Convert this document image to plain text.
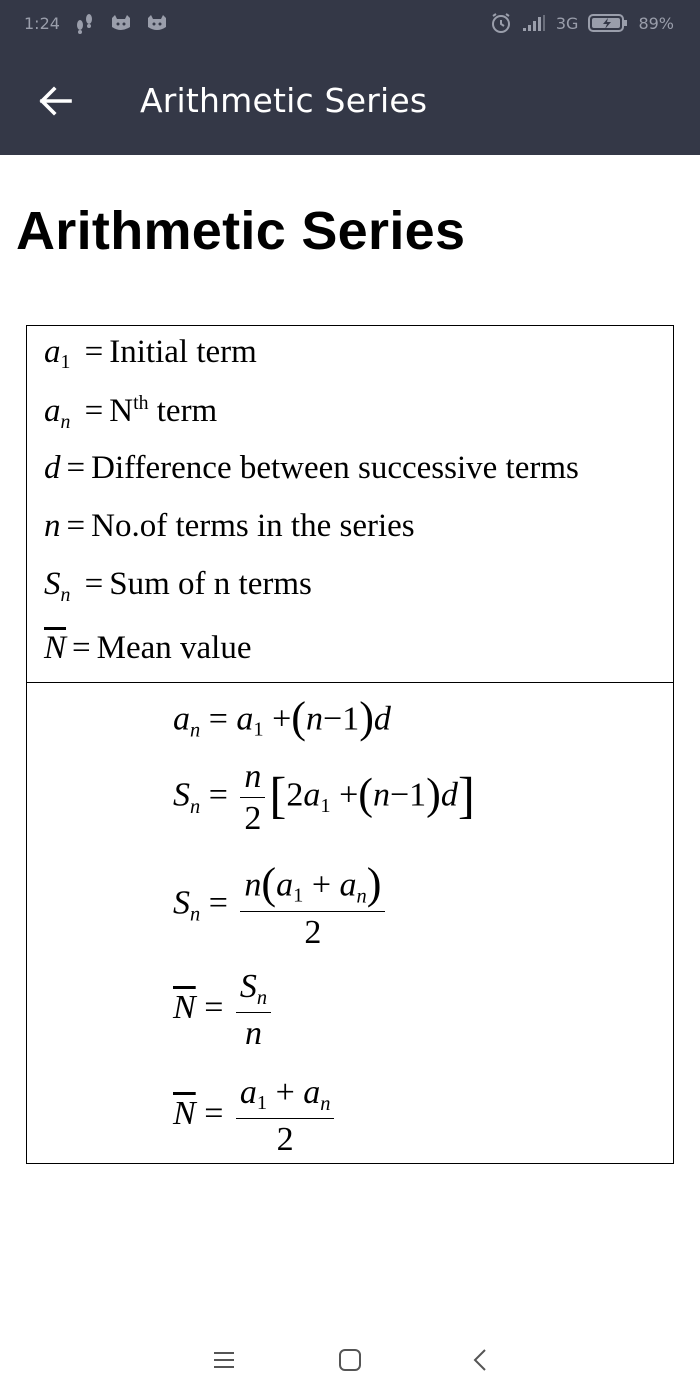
1:24	3G	89%
Arithmetic Series
Arithmetic Series
a1 = Initial term
$a_n = N^{th}$ term
d = Difference between successive terms
n = No.of terms in the series
$S_n$ = Sum of n terms
$\overline{N}$ = Mean value
$a_n = a1 +(n-1)d$
$S_n = \frac{n}{2} [2a1 +(n-1)d]$
$S_n = \frac{n(a1 + a_n)}{2}$
$\overline{N} = \frac{S_n}{n}$
$\overline{N} = \frac{a1 + a_n}{2}$
